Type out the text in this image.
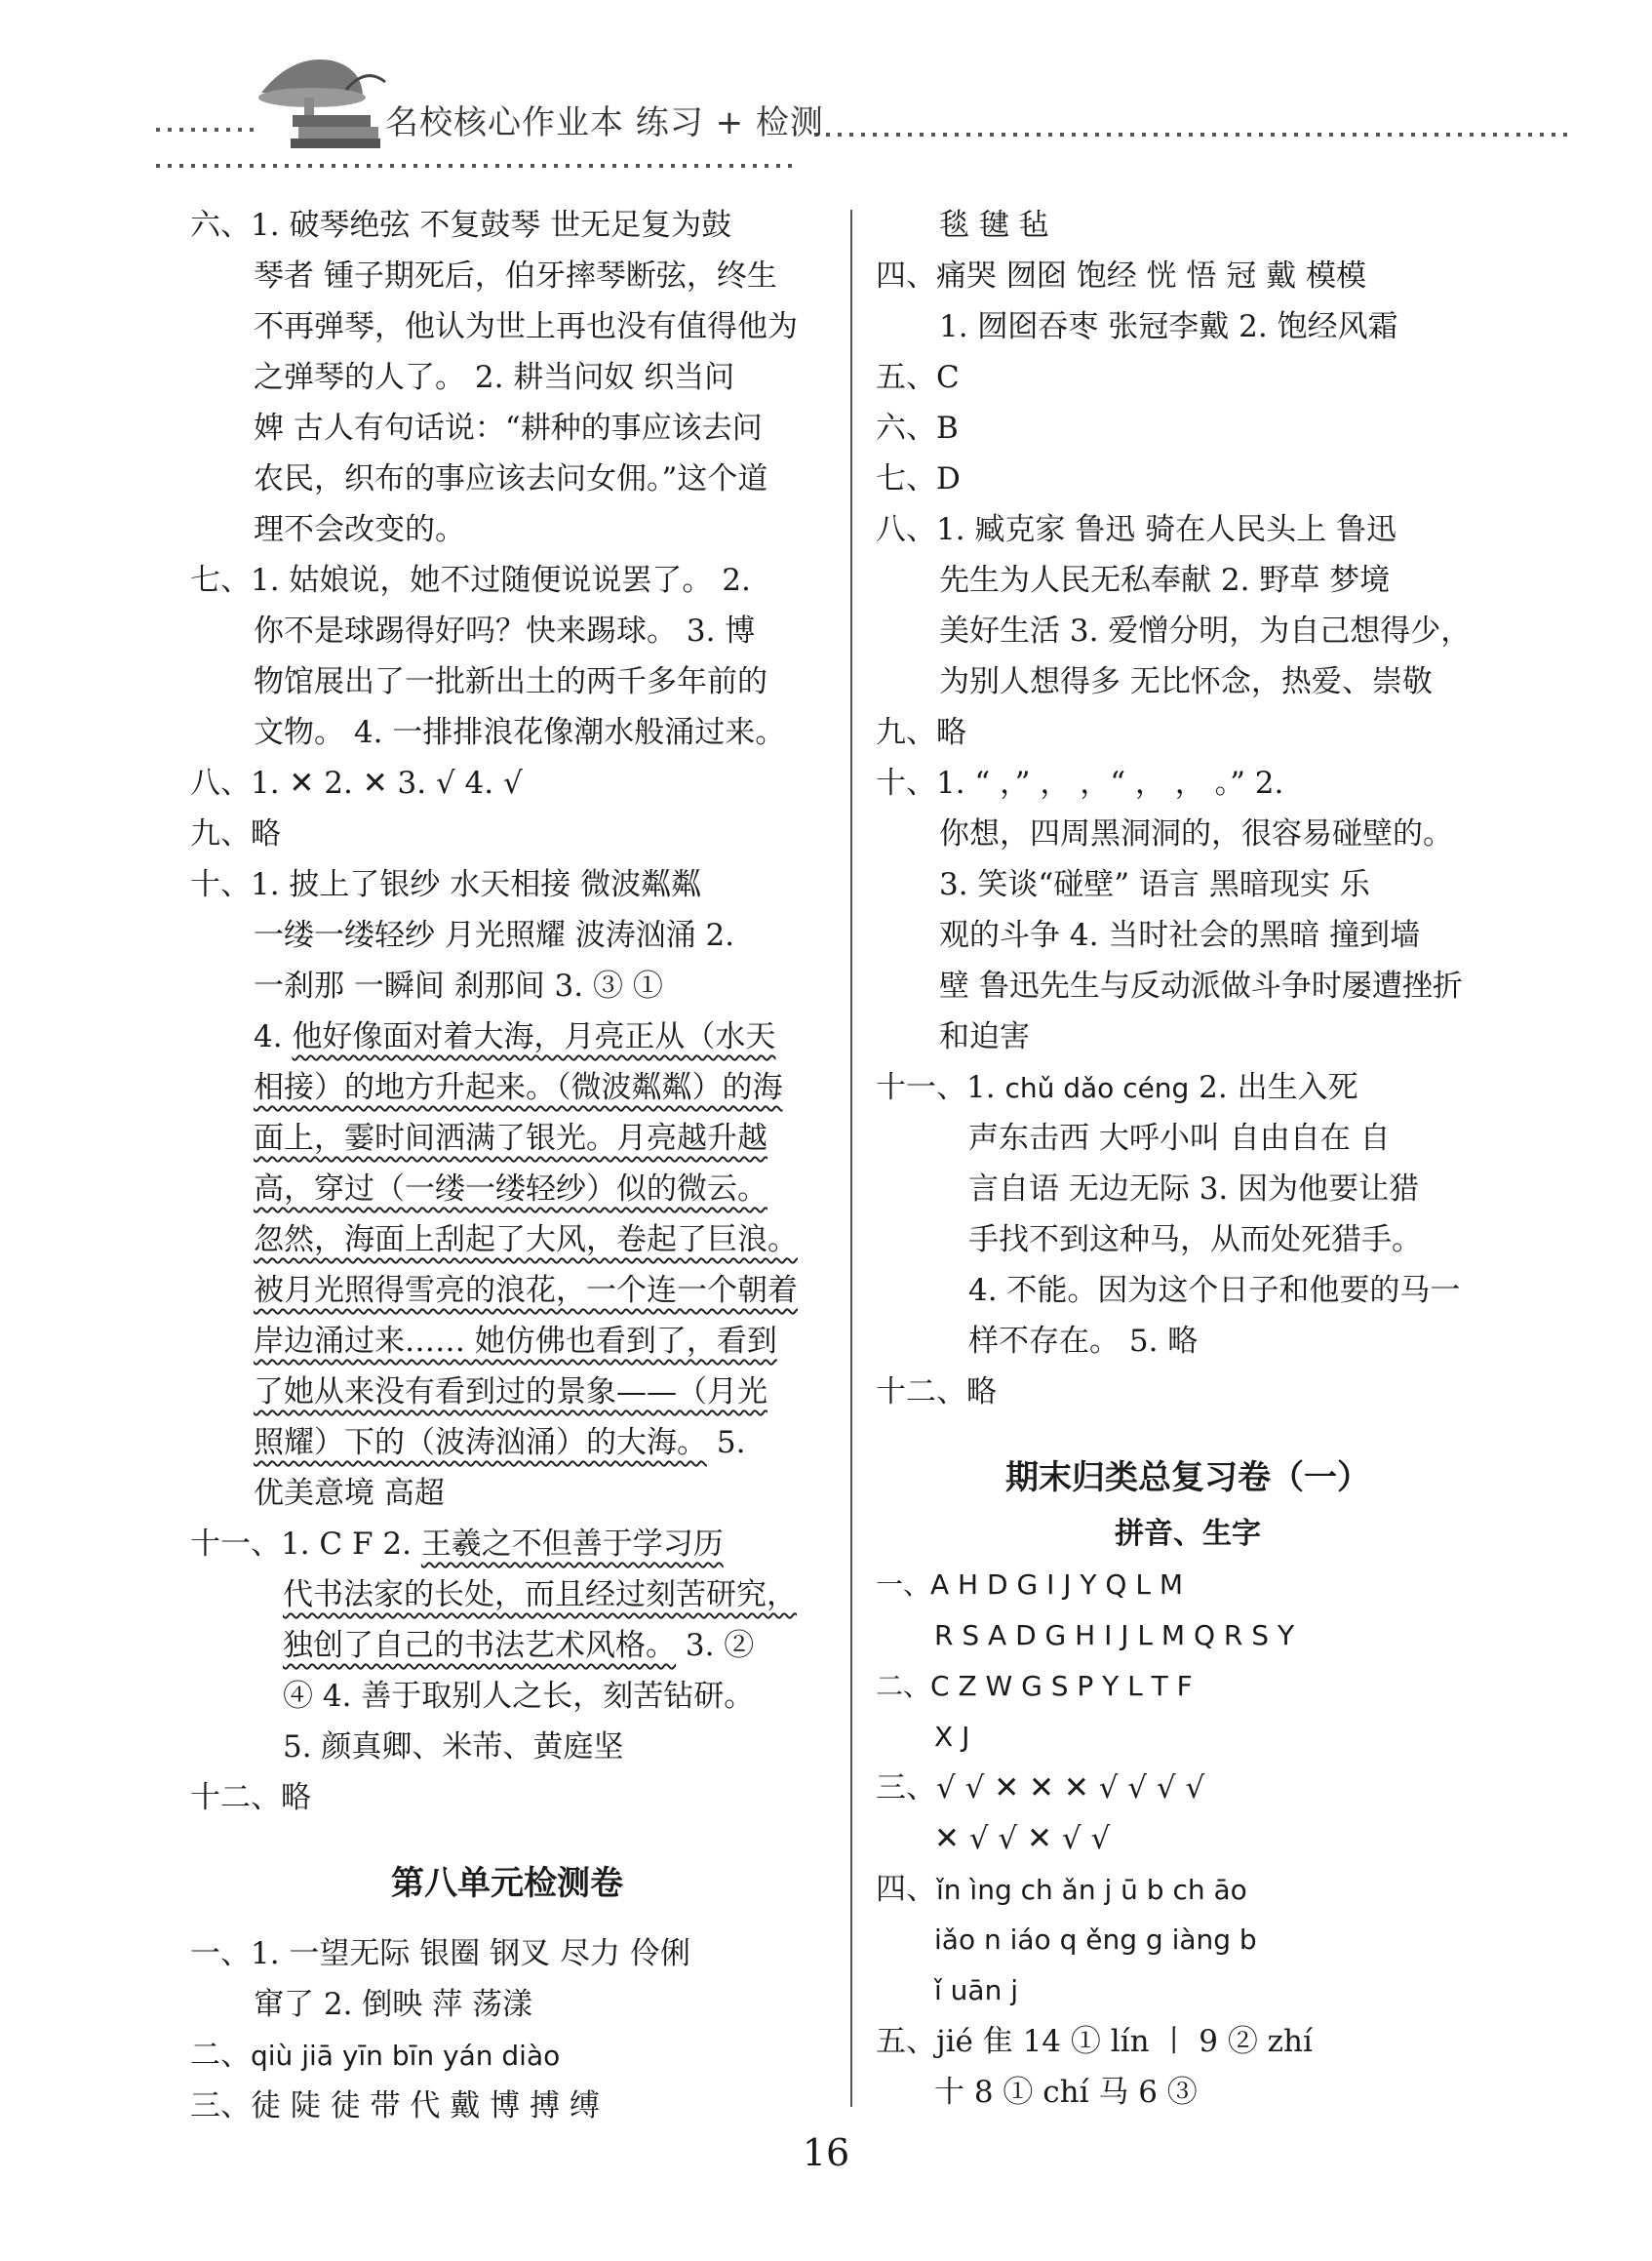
名校核心作业本 练习 + 检测
六、1. 破琴绝弦 不复鼓琴 世无足复为鼓
琴者 锺子期死后，伯牙摔琴断弦，终生
不再弹琴，他认为世上再也没有值得他为
之弹琴的人了。 2. 耕当问奴 织当问
婢 古人有句话说：“耕种的事应该去问
农民，织布的事应该去问女佣。”这个道
理不会改变的。
七、1. 姑娘说，她不过随便说说罢了。 2.
你不是球踢得好吗？快来踢球。 3. 博
物馆展出了一批新出土的两千多年前的
文物。 4. 一排排浪花像潮水般涌过来。
八、1. ✕ 2. ✕ 3. √ 4. √
九、略
十、1. 披上了银纱 水天相接 微波粼粼
一缕一缕轻纱 月光照耀 波涛汹涌 2.
一刹那 一瞬间 刹那间 3. ③ ①
4. 他好像面对着大海，月亮正从（水天
相接）的地方升起来。（微波粼粼）的海
面上，霎时间洒满了银光。月亮越升越
高，穿过（一缕一缕轻纱）似的微云。
忽然，海面上刮起了大风，卷起了巨浪。
被月光照得雪亮的浪花，一个连一个朝着
岸边涌过来…… 她仿佛也看到了，看到
了她从来没有看到过的景象——（月光
照耀）下的（波涛汹涌）的大海。 5.
优美意境 高超
十一、1. C F 2. 王羲之不但善于学习历
代书法家的长处，而且经过刻苦研究，
独创了自己的书法艺术风格。 3. ②
④ 4. 善于取别人之长，刻苦钻研。
5. 颜真卿、米芾、黄庭坚
十二、略
第八单元检测卷
一、1. 一望无际 银圈 钢叉 尽力 伶俐
窜了 2. 倒映 萍 荡漾
二、qiù jiā yīn bīn yán diào
三、徒 陡 徒 带 代 戴 博 搏 缚
毯 毽 毡
四、痛哭 囫囵 饱经 恍 悟 冠 戴 模模
1. 囫囵吞枣 张冠李戴 2. 饱经风霜
五、C
六、B
七、D
八、1. 臧克家 鲁迅 骑在人民头上 鲁迅
先生为人民无私奉献 2. 野草 梦境
美好生活 3. 爱憎分明，为自己想得少，
为别人想得多 无比怀念，热爱、崇敬
九、略
十、1. “ ，” ， ，“ ， ， 。” 2.
你想，四周黑洞洞的，很容易碰壁的。
3. 笑谈“碰壁” 语言 黑暗现实 乐
观的斗争 4. 当时社会的黑暗 撞到墙
壁 鲁迅先生与反动派做斗争时屡遭挫折
和迫害
十一、1. chǔ dǎo céng 2. 出生入死
声东击西 大呼小叫 自由自在 自
言自语 无边无际 3. 因为他要让猎
手找不到这种马，从而处死猎手。
4. 不能。因为这个日子和他要的马一
样不存在。 5. 略
十二、略
期末归类总复习卷（一）
拼音、生字
一、A H D G I J Y Q L M
R S A D G H I J L M Q R S Y
二、C Z W G S P Y L T F
X J
三、√ √ ✕ ✕ ✕ √ √ √ √
✕ √ √ ✕ √ √
四、ǐn ìng ch ǎn j ū b ch āo
iǎo n iáo q ěng g iàng b
ǐ uān j
五、jié 隹 14 ① lín 丨 9 ② zhí
十 8 ① chí 马 6 ③
16
